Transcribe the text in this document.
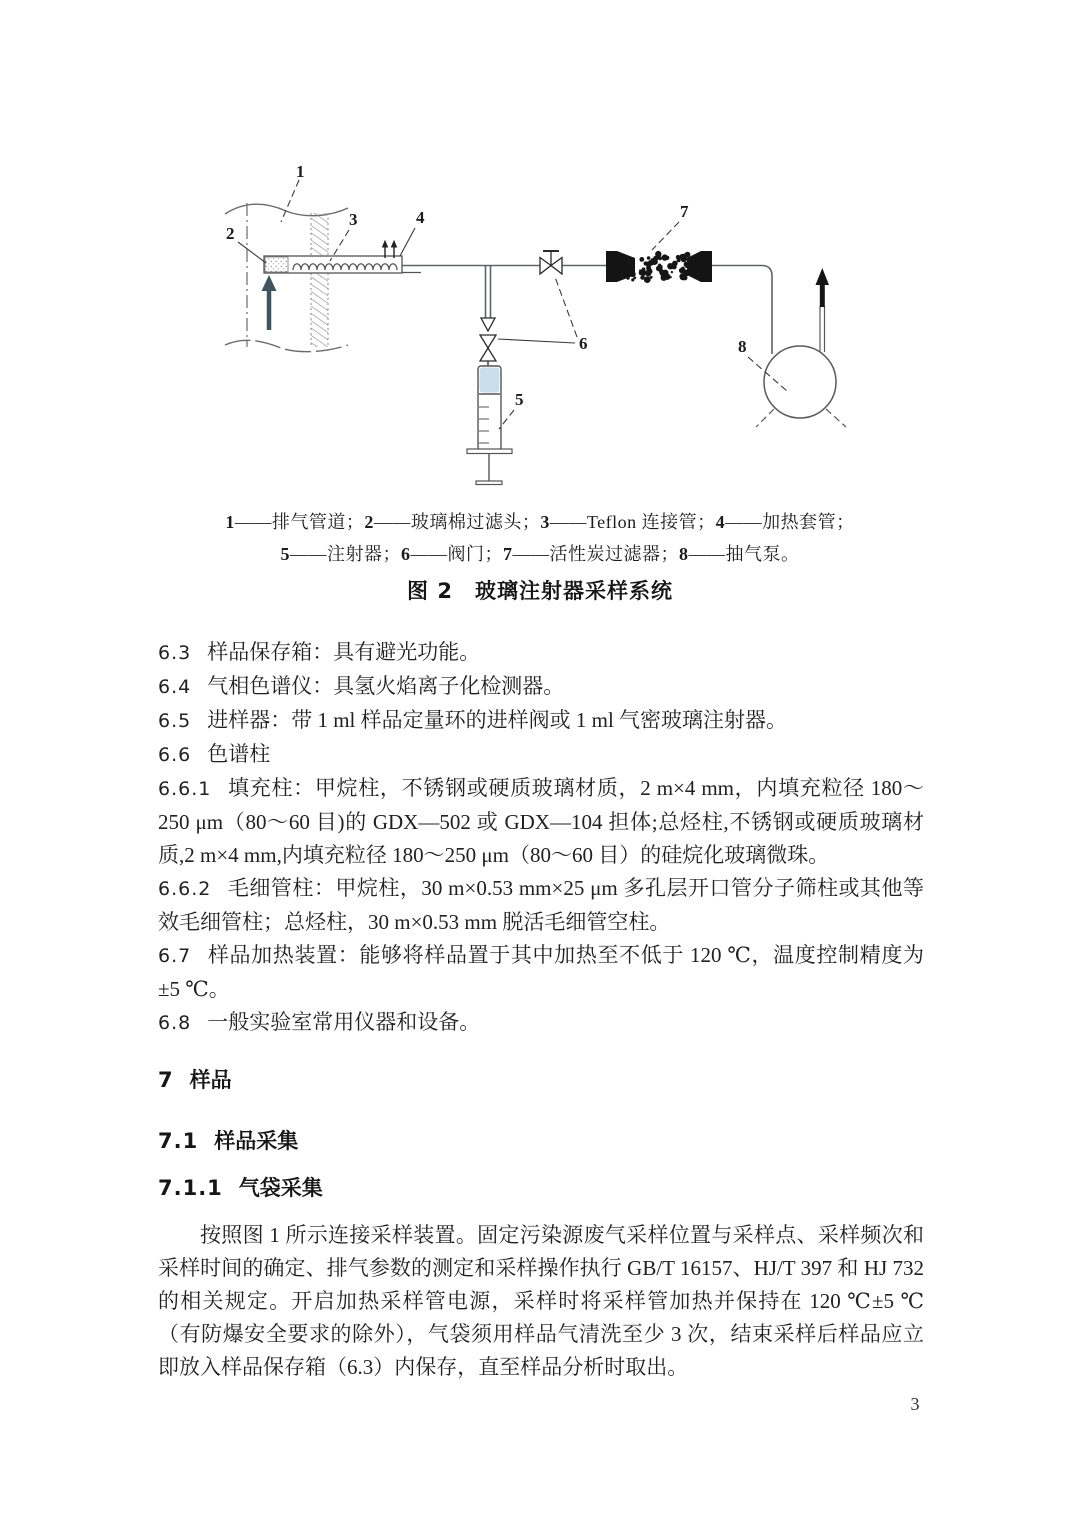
1
2
3	4
5
6
7
8
1——排气管道；2——玻璃棉过滤头；3——Teflon 连接管；4——加热套管；
5——注射器；6——阀门；7——活性炭过滤器；8——抽气泵。
图 2　玻璃注射器采样系统

6.3 样品保存箱：具有避光功能。

6.4 气相色谱仪：具氢火焰离子化检测器。

6.5 进样器：带 1 ml 样品定量环的进样阀或 1 ml 气密玻璃注射器。

6.6 色谱柱

6.6.1 填充柱：甲烷柱，不锈钢或硬质玻璃材质，2 m×4 mm，内填充粒径 180～250 μm（80～60 目)的 GDX—502 或 GDX—104 担体;总烃柱,不锈钢或硬质玻璃材质,2 m×4 mm,内填充粒径 180～250 μm（80～60 目）的硅烷化玻璃微珠。

6.6.2 毛细管柱：甲烷柱，30 m×0.53 mm×25 μm 多孔层开口管分子筛柱或其他等效毛细管柱；总烃柱，30 m×0.53 mm 脱活毛细管空柱。

6.7 样品加热装置：能够将样品置于其中加热至不低于 120 ℃，温度控制精度为±5 ℃。

6.8 一般实验室常用仪器和设备。

7 样品

7.1 样品采集

7.1.1 气袋采集

按照图 1 所示连接采样装置。固定污染源废气采样位置与采样点、采样频次和采样时间的确定、排气参数的测定和采样操作执行 GB/T 16157、HJ/T 397 和 HJ 732 的相关规定。开启加热采样管电源，采样时将采样管加热并保持在 120 ℃±5 ℃（有防爆安全要求的除外），气袋须用样品气清洗至少 3 次，结束采样后样品应立即放入样品保存箱（6.3）内保存，直至样品分析时取出。

3
